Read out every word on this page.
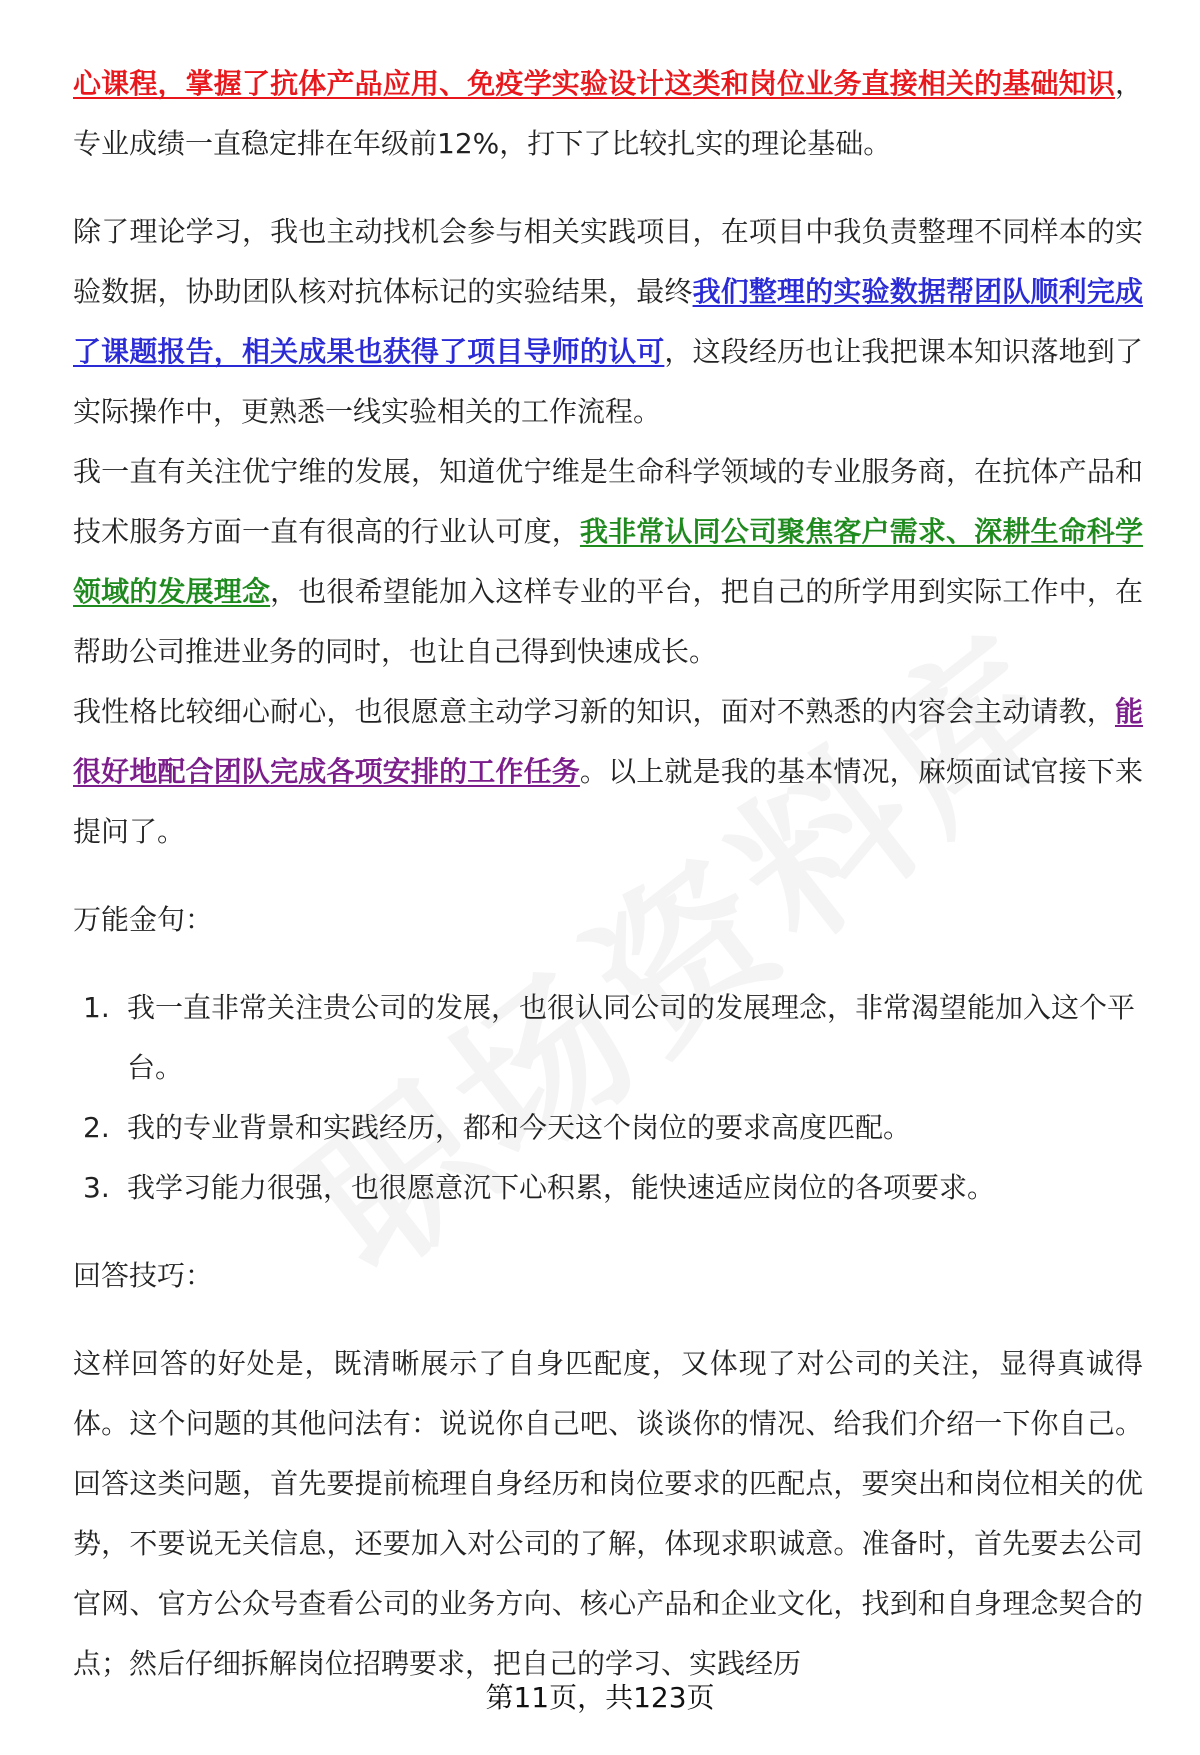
心课程，掌握了抗体产品应用、免疫学实验设计这类和岗位业务直接相关的基础知识，专业成绩一直稳定排在年级前12%，打下了比较扎实的理论基础。

除了理论学习，我也主动找机会参与相关实践项目，在项目中我负责整理不同样本的实验数据，协助团队核对抗体标记的实验结果，最终我们整理的实验数据帮团队顺利完成了课题报告，相关成果也获得了项目导师的认可，这段经历也让我把课本知识落地到了实际操作中，更熟悉一线实验相关的工作流程。

我一直有关注优宁维的发展，知道优宁维是生命科学领域的专业服务商，在抗体产品和技术服务方面一直有很高的行业认可度，我非常认同公司聚焦客户需求、深耕生命科学领域的发展理念，也很希望能加入这样专业的平台，把自己的所学用到实际工作中，在帮助公司推进业务的同时，也让自己得到快速成长。

我性格比较细心耐心，也很愿意主动学习新的知识，面对不熟悉的内容会主动请教，能很好地配合团队完成各项安排的工作任务。以上就是我的基本情况，麻烦面试官接下来提问了。

万能金句：

1. 我一直非常关注贵公司的发展，也很认同公司的发展理念，非常渴望能加入这个平台。
2. 我的专业背景和实践经历，都和今天这个岗位的要求高度匹配。
3. 我学习能力很强，也很愿意沉下心积累，能快速适应岗位的各项要求。

回答技巧：

这样回答的好处是，既清晰展示了自身匹配度，又体现了对公司的关注，显得真诚得体。这个问题的其他问法有：说说你自己吧、谈谈你的情况、给我们介绍一下你自己。回答这类问题，首先要提前梳理自身经历和岗位要求的匹配点，要突出和岗位相关的优势，不要说无关信息，还要加入对公司的了解，体现求职诚意。准备时，首先要去公司官网、官方公众号查看公司的业务方向、核心产品和企业文化，找到和自身理念契合的点；然后仔细拆解岗位招聘要求，把自己的学习、实践经历

第11页，共123页
